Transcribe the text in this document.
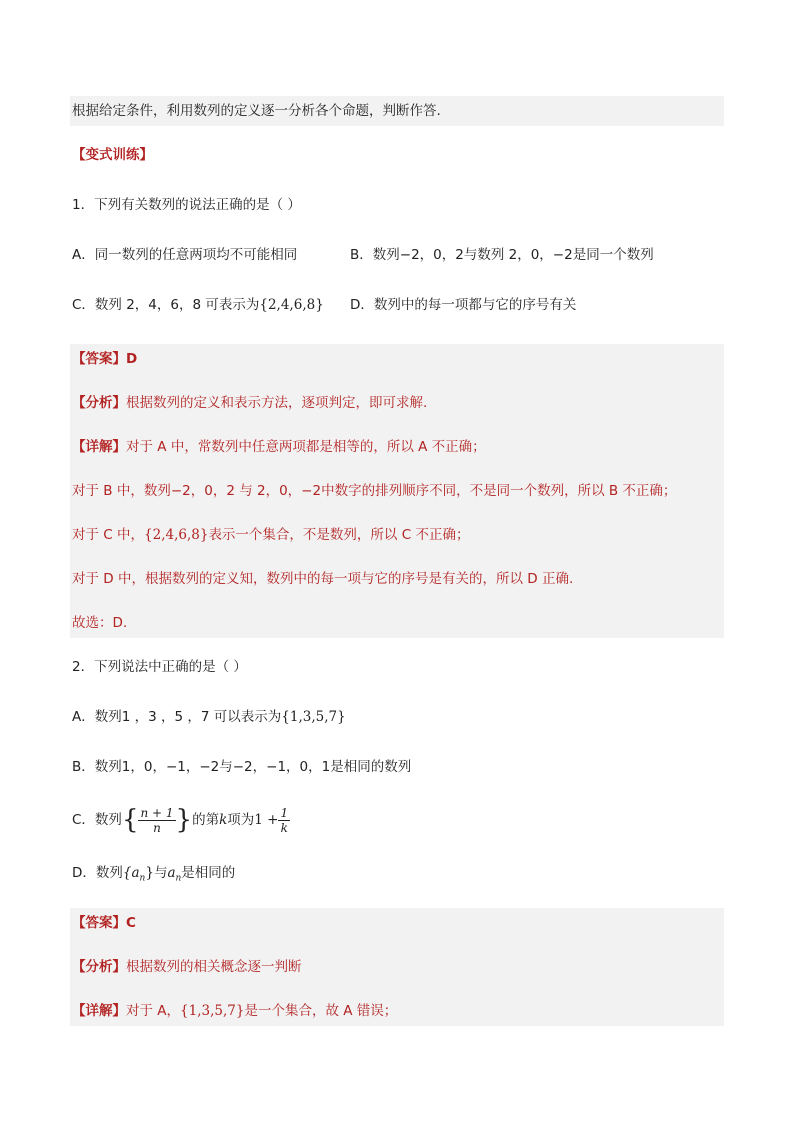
根据给定条件，利用数列的定义逐一分析各个命题，判断作答.
【变式训练】
1．下列有关数列的说法正确的是（ ）
A．同一数列的任意两项均不可能相同	B．数列−2，0，2与数列 2，0，−2是同一个数列
C．数列 2，4，6，8 可表示为{2,4,6,8}	D．数列中的每一项都与它的序号有关
【答案】D
【分析】根据数列的定义和表示方法，逐项判定，即可求解.
【详解】对于 A 中，常数列中任意两项都是相等的，所以 A 不正确；
对于 B 中，数列−2，0，2 与 2，0，−2中数字的排列顺序不同，不是同一个数列，所以 B 不正确；
对于 C 中，{2,4,6,8}表示一个集合，不是数列，所以 C 不正确；
对于 D 中，根据数列的定义知，数列中的每一项与它的序号是有关的，所以 D 正确.
故选：D.
2．下列说法中正确的是（ ）
A．数列1 ，3 ，5 ，7 可以表示为{1,3,5,7}
B．数列1，0，−1，−2与−2，−1，0，1是相同的数列
C．数列{ $\frac{n + 1}{n}$ }的第k项为$1 + \frac{1}{k}$
D．数列$\{a_n\}$与$a_n$是相同的
【答案】C
【分析】根据数列的相关概念逐一判断
【详解】对于 A，{1,3,5,7}是一个集合，故 A 错误；
